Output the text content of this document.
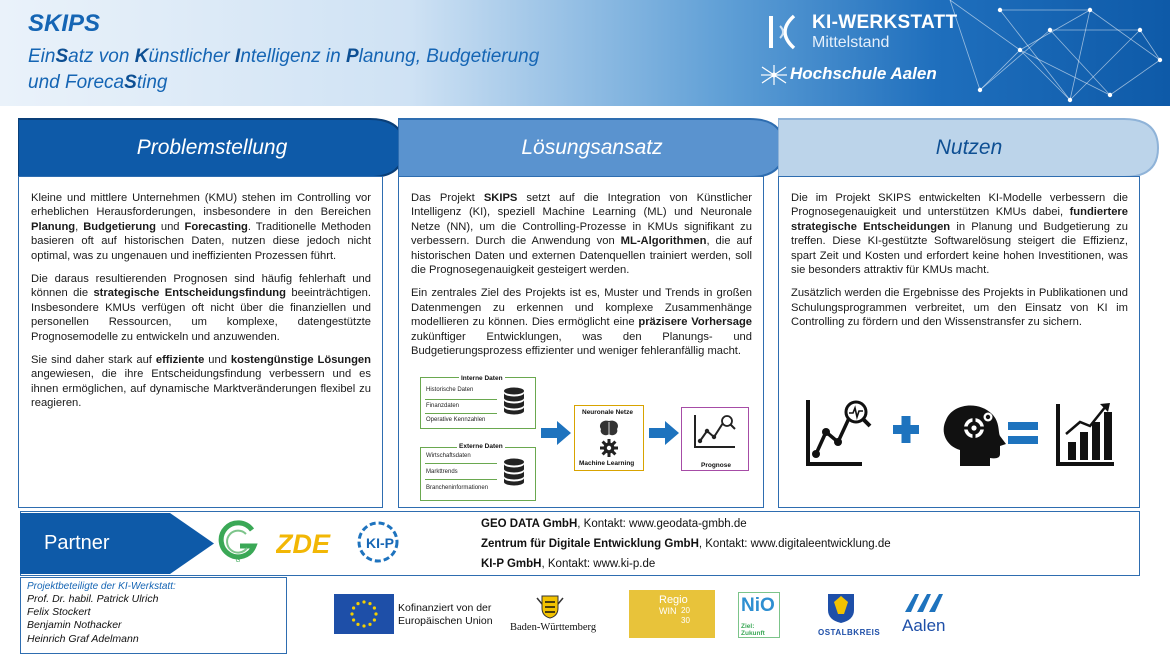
SKIPS
EinSatz von Künstlicher Intelligenz in Planung, Budgetierung
und ForecaSting
KI-WERKSTATT
Mittelstand
Hochschule Aalen
Problemstellung	Lösungsansatz	Nutzen

Kleine und mittlere Unternehmen (KMU) stehen im Controlling vor erheblichen Herausforderungen, insbesondere in den Bereichen Planung, Budgetierung und Forecasting. Traditionelle Methoden basieren oft auf historischen Daten, nutzen diese jedoch nicht optimal, was zu ungenauen und ineffizienten Prozessen führt.

Die daraus resultierenden Prognosen sind häufig fehlerhaft und können die strategische Entscheidungsfindung beeinträchtigen. Insbesondere KMUs verfügen oft nicht über die finanziellen und personellen Ressourcen, um komplexe, datengestützte Prognosemodelle zu entwickeln und anzuwenden.

Sie sind daher stark auf effiziente und kostengünstige Lösungen angewiesen, die ihre Entscheidungsfindung verbessern und es ihnen ermöglichen, auf dynamische Marktveränderungen flexibel zu reagieren.

Das Projekt SKIPS setzt auf die Integration von Künstlicher Intelligenz (KI), speziell Machine Learning (ML) und Neuronale Netze (NN), um die Controlling-Prozesse in KMUs signifikant zu verbessern. Durch die Anwendung von ML-Algorithmen, die auf historischen Daten und externen Datenquellen trainiert werden, soll die Prognosegenauigkeit gesteigert werden.

Ein zentrales Ziel des Projekts ist es, Muster und Trends in großen Datenmengen zu erkennen und komplexe Zusammenhänge modellieren zu können. Dies ermöglicht eine präzisere Vorhersage zukünftiger Entwicklungen, was den Planungs- und Budgetierungsprozess effizienter und weniger fehleranfällig macht.

Die im Projekt SKIPS entwickelten KI-Modelle verbessern die Prognosegenauigkeit und unterstützen KMUs dabei, fundiertere strategische Entscheidungen in Planung und Budgetierung zu treffen. Diese KI-gestützte Softwarelösung steigert die Effizienz, spart Zeit und Kosten und erfordert keine hohen Investitionen, was sie besonders attraktiv für KMUs macht.

Zusätzlich werden die Ergebnisse des Projekts in Publikationen und Schulungsprogrammen verbreitet, um den Einsatz von KI im Controlling zu fördern und den Wissenstransfer zu sichern.

Interne Daten
Historische Daten
Finanzdaten
Operative Kennzahlen
Externe Daten
Wirtschaftsdaten
Markttrends
Brancheninformationen
Neuronale Netze
Machine Learning	Prognose
Partner
G
ZDE	KI-P
GEO DATA GmbH, Kontakt: www.geodata-gmbh.de
Zentrum für Digitale Entwicklung GmbH, Kontakt: www.digitaleentwicklung.de
KI-P GmbH, Kontakt: www.ki-p.de
Projektbeteiligte der KI-Werkstatt:
Prof. Dr. habil. Patrick Ulrich
Felix Stockert
Benjamin Nothacker
Heinrich Graf Adelmann
Kofinanziert von der
Europäischen Union
Baden-Württemberg
Regio
WIN 20
30
NiO
Ziel: Zukunft	OSTALBKREIS Aalen
